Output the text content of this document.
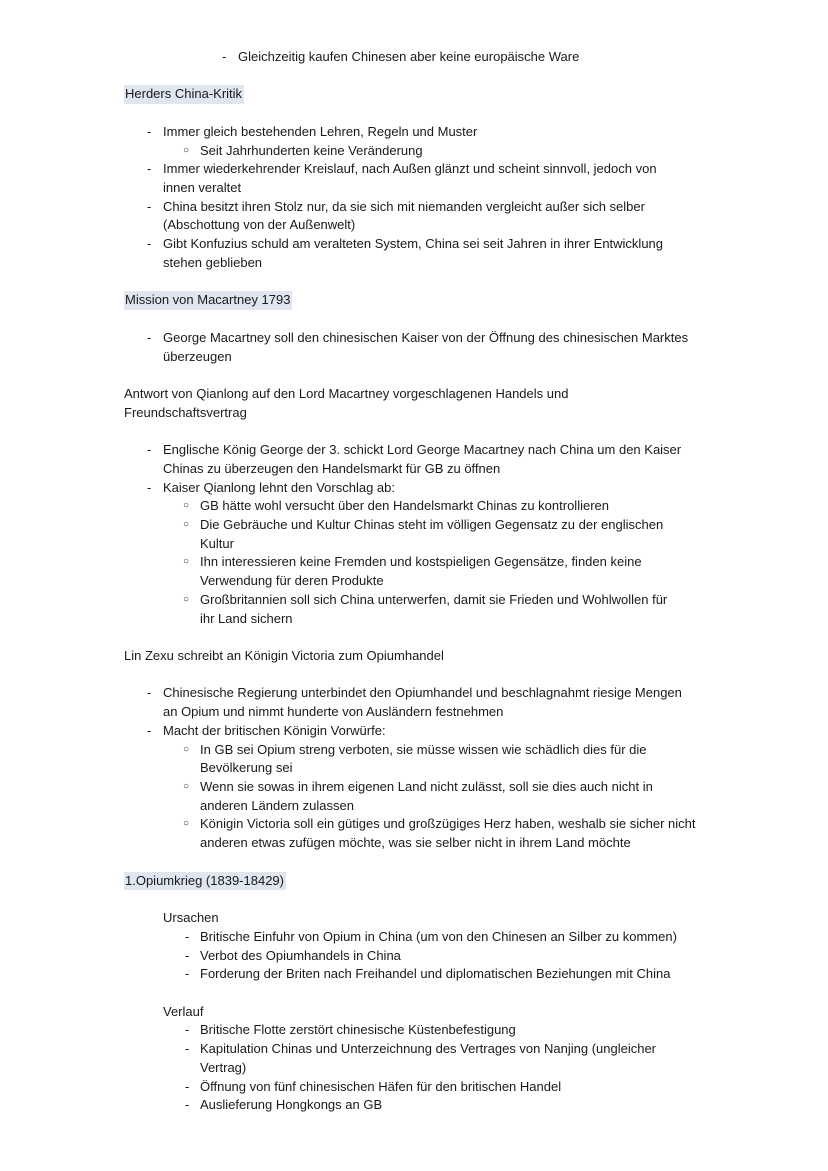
- Gleichzeitig kaufen Chinesen aber keine europäische Ware
Herders China-Kritik
- Immer gleich bestehenden Lehren, Regeln und Muster
○ Seit Jahrhunderten keine Veränderung
- Immer wiederkehrender Kreislauf, nach Außen glänzt und scheint sinnvoll, jedoch von
innen veraltet
- China besitzt ihren Stolz nur, da sie sich mit niemanden vergleicht außer sich selber
(Abschottung von der Außenwelt)
- Gibt Konfuzius schuld am veralteten System, China sei seit Jahren in ihrer Entwicklung
stehen geblieben
Mission von Macartney 1793
- George Macartney soll den chinesischen Kaiser von der Öffnung des chinesischen Marktes
überzeugen
Antwort von Qianlong auf den Lord Macartney vorgeschlagenen Handels und
Freundschaftsvertrag
- Englische König George der 3. schickt Lord George Macartney nach China um den Kaiser
Chinas zu überzeugen den Handelsmarkt für GB zu öffnen
- Kaiser Qianlong lehnt den Vorschlag ab:
○ GB hätte wohl versucht über den Handelsmarkt Chinas zu kontrollieren
○ Die Gebräuche und Kultur Chinas steht im völligen Gegensatz zu der englischen
Kultur
○ Ihn interessieren keine Fremden und kostspieligen Gegensätze, finden keine
Verwendung für deren Produkte
○ Großbritannien soll sich China unterwerfen, damit sie Frieden und Wohlwollen für
ihr Land sichern
Lin Zexu schreibt an Königin Victoria zum Opiumhandel
- Chinesische Regierung unterbindet den Opiumhandel und beschlagnahmt riesige Mengen
an Opium und nimmt hunderte von Ausländern festnehmen
- Macht der britischen Königin Vorwürfe:
○ In GB sei Opium streng verboten, sie müsse wissen wie schädlich dies für die
Bevölkerung sei
○ Wenn sie sowas in ihrem eigenen Land nicht zulässt, soll sie dies auch nicht in
anderen Ländern zulassen
○ Königin Victoria soll ein gütiges und großzügiges Herz haben, weshalb sie sicher nicht
anderen etwas zufügen möchte, was sie selber nicht in ihrem Land möchte
1.Opiumkrieg (1839-18429)
Ursachen
- Britische Einfuhr von Opium in China (um von den Chinesen an Silber zu kommen)
- Verbot des Opiumhandels in China
- Forderung der Briten nach Freihandel und diplomatischen Beziehungen mit China
Verlauf
- Britische Flotte zerstört chinesische Küstenbefestigung
- Kapitulation Chinas und Unterzeichnung des Vertrages von Nanjing (ungleicher
Vertrag)
- Öffnung von fünf chinesischen Häfen für den britischen Handel
- Auslieferung Hongkongs an GB
